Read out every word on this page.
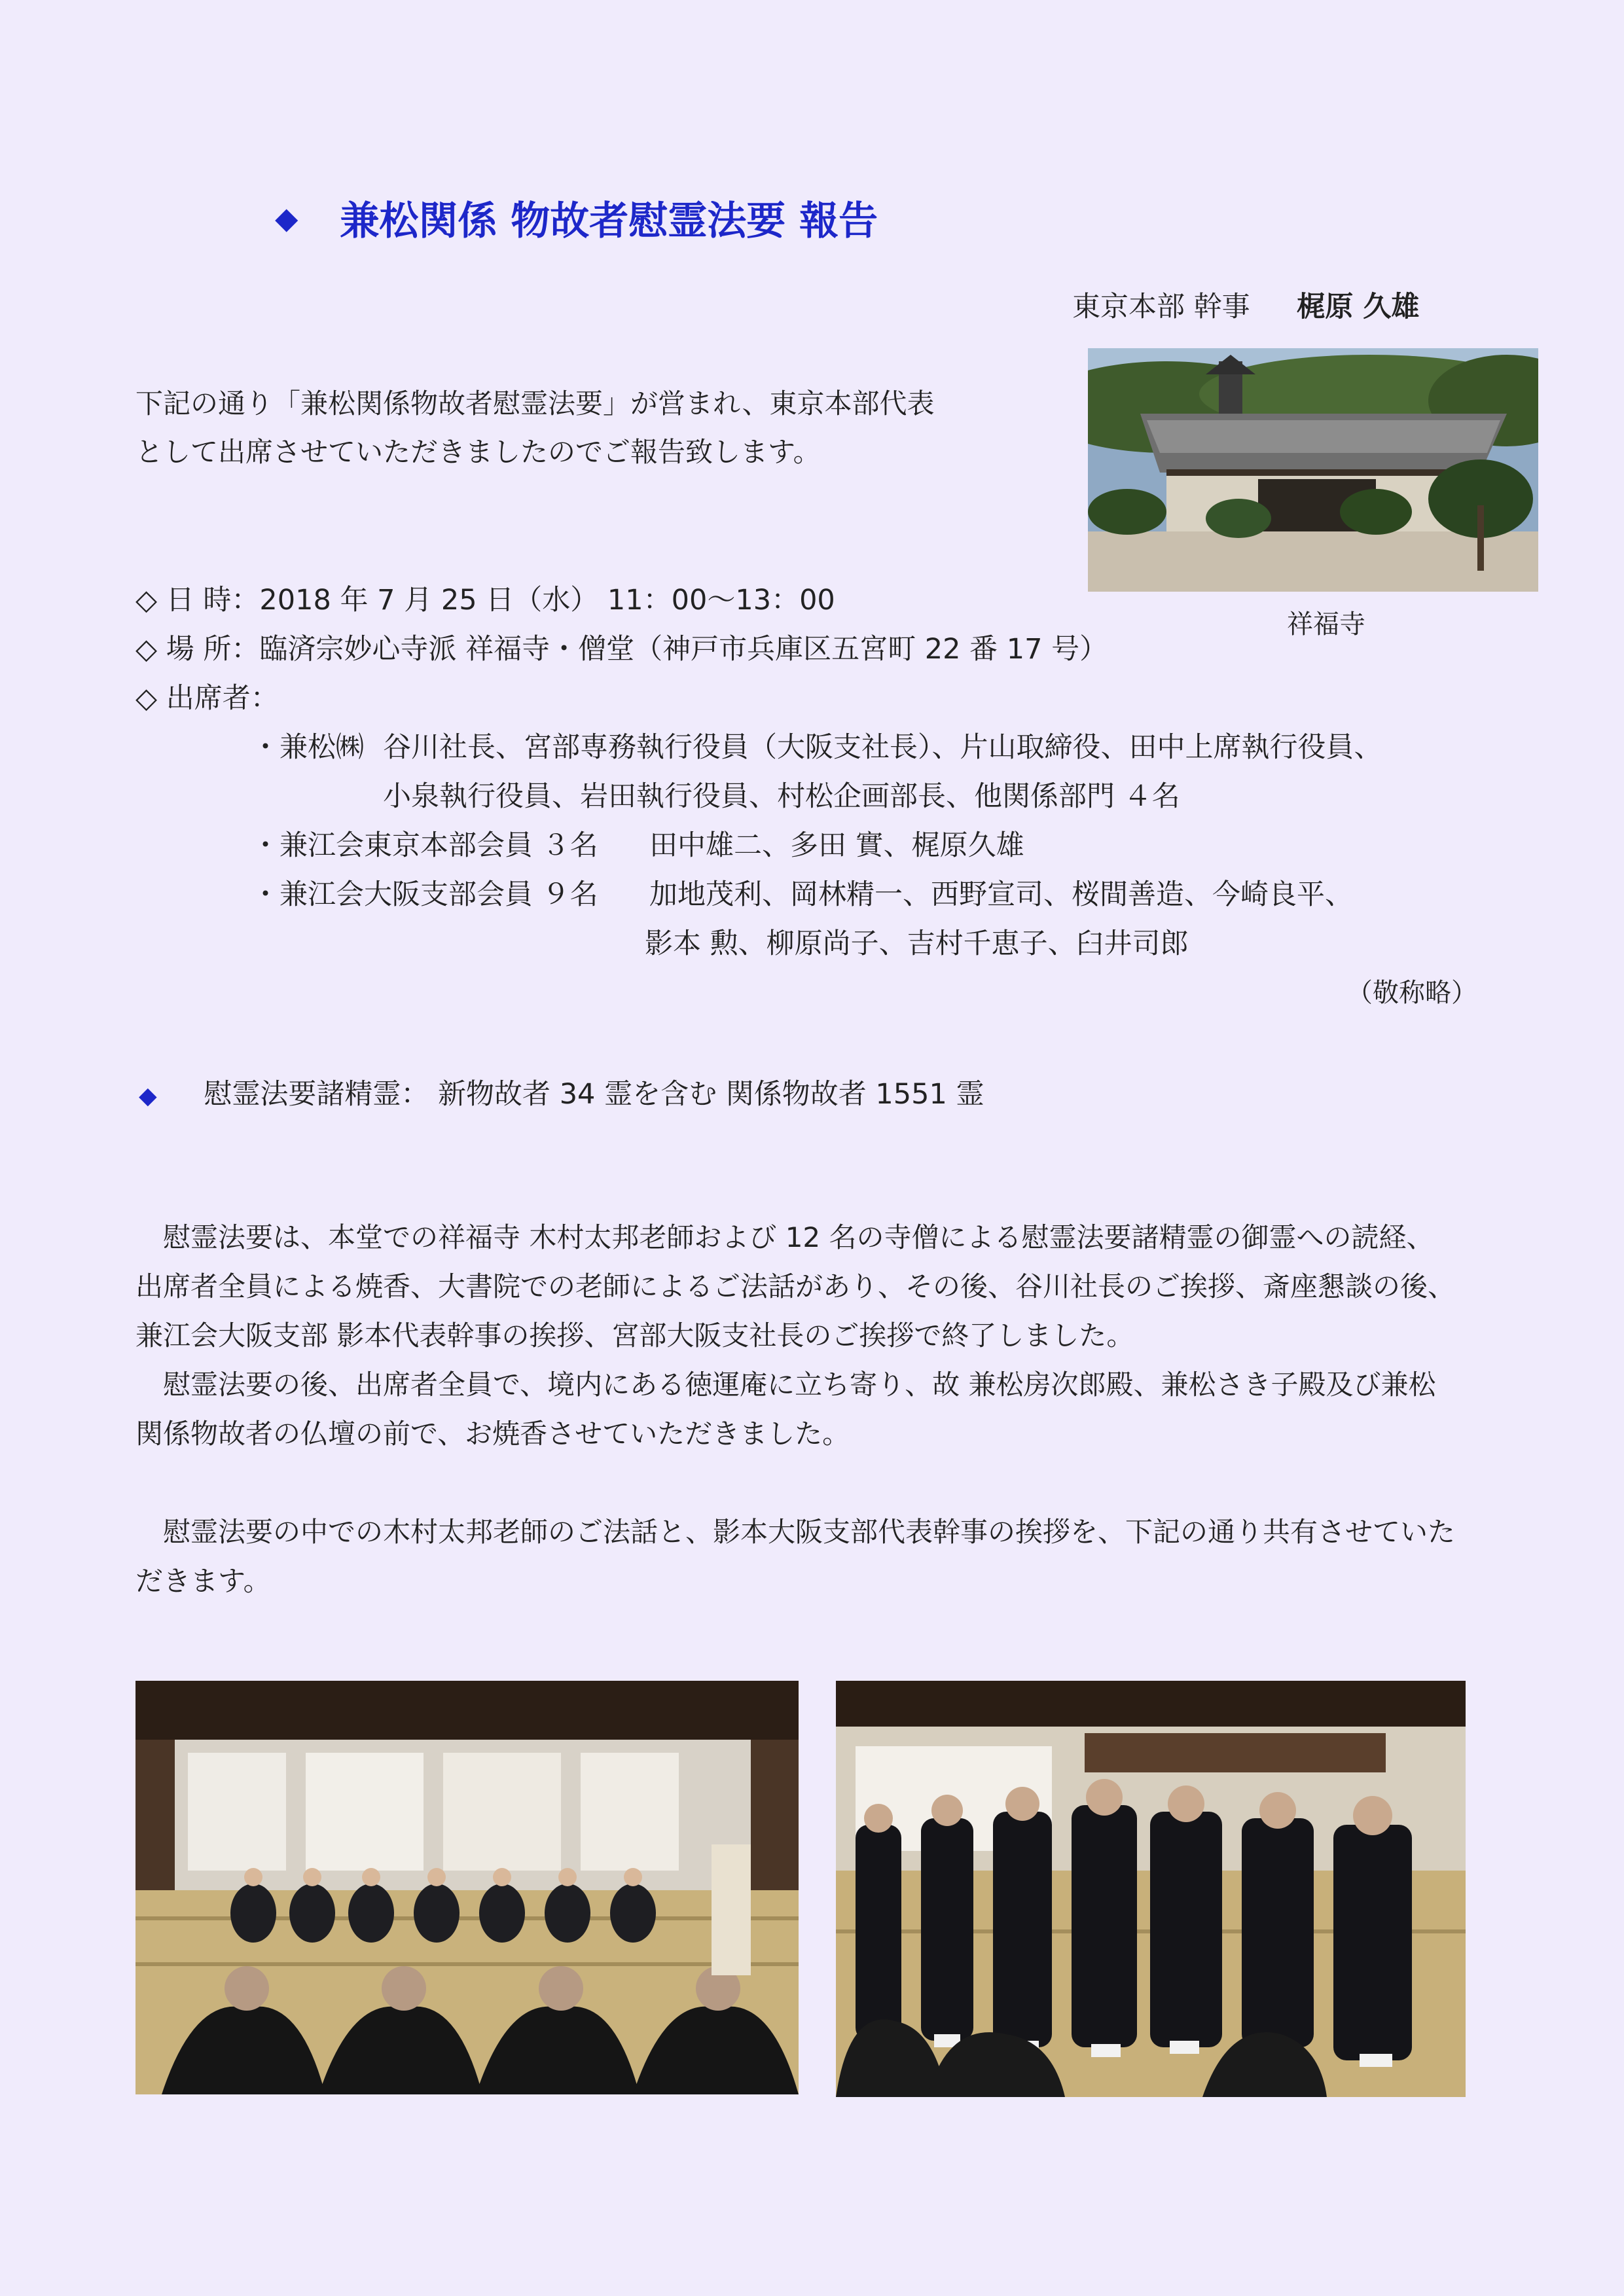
◆ 兼松関係 物故者慰霊法要 報告
東京本部 幹事 梶原 久雄
下記の通り「兼松関係物故者慰霊法要」が営まれ、東京本部代表
として出席させていただきましたのでご報告致します。
祥福寺
◇ 日 時：2018 年 7 月 25 日（水） 11：00～13：00
◇ 場 所：臨済宗妙心寺派 祥福寺・僧堂（神戸市兵庫区五宮町 22 番 17 号）
◇ 出席者：
・兼松㈱ 谷川社長、宮部専務執行役員（大阪支社長）、片山取締役、田中上席執行役員、
小泉執行役員、岩田執行役員、村松企画部長、他関係部門 ４名
・兼江会東京本部会員 ３名 田中雄二、多田 實、梶原久雄
・兼江会大阪支部会員 ９名 加地茂利、岡林精一、西野宣司、桜間善造、今崎良平、
影本 勲、柳原尚子、吉村千恵子、臼井司郎
（敬称略）
◆ 慰霊法要諸精霊： 新物故者 34 霊を含む 関係物故者 1551 霊

　慰霊法要は、本堂での祥福寺 木村太邦老師および 12 名の寺僧による慰霊法要諸精霊の御霊への読経、

出席者全員による焼香、大書院での老師によるご法話があり、その後、谷川社長のご挨拶、斎座懇談の後、

兼江会大阪支部 影本代表幹事の挨拶、宮部大阪支社長のご挨拶で終了しました。

　慰霊法要の後、出席者全員で、境内にある徳運庵に立ち寄り、故 兼松房次郎殿、兼松さき子殿及び兼松

関係物故者の仏壇の前で、お焼香させていただきました。

　慰霊法要の中での木村太邦老師のご法話と、影本大阪支部代表幹事の挨拶を、下記の通り共有させていた

だきます。
